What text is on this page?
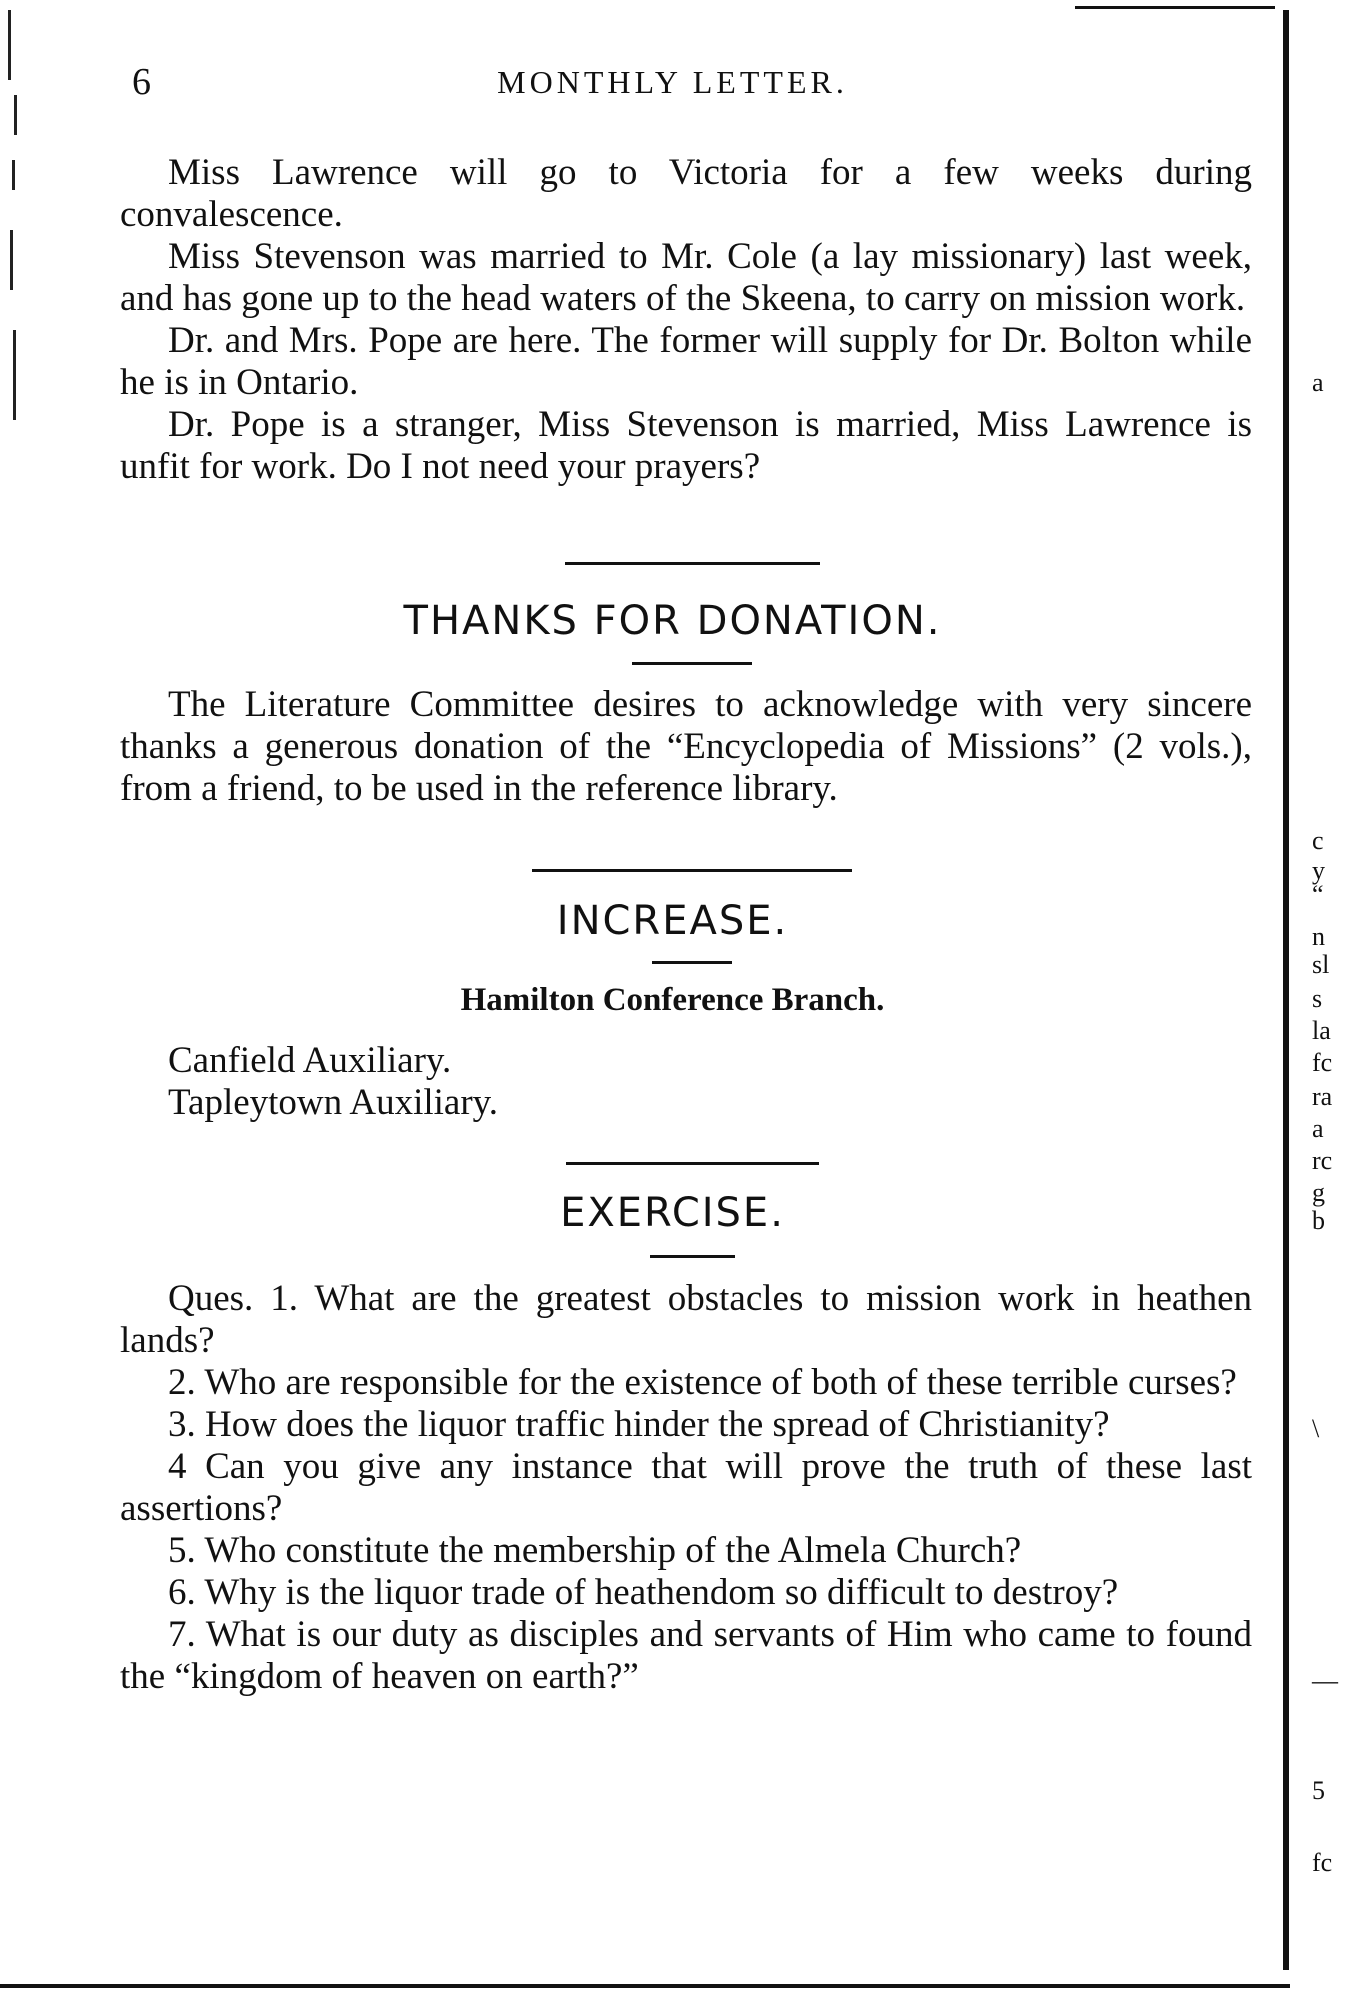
6	MONTHLY LETTER.

Miss Lawrence will go to Victoria for a few weeks during convalescence.

Miss Stevenson was married to Mr. Cole (a lay missionary) last week, and has gone up to the head waters of the Skeena, to carry on mission work.

Dr. and Mrs. Pope are here. The former will supply for Dr. Bolton while he is in Ontario.

Dr. Pope is a stranger, Miss Stevenson is married, Miss Lawrence is unfit for work. Do I not need your prayers?

THANKS FOR DONATION.

The Literature Committee desires to acknowledge with very sincere thanks a generous donation of the “Encyclopedia of Missions” (2 vols.), from a friend, to be used in the reference library.

INCREASE.
Hamilton Conference Branch.
Canfield Auxiliary.
Tapleytown Auxiliary.
EXERCISE.

Ques. 1. What are the greatest obstacles to mission work in heathen lands?

2. Who are responsible for the existence of both of these terrible curses?

3. How does the liquor traffic hinder the spread of Christianity?

4 Can you give any instance that will prove the truth of these last assertions?

5. Who constitute the membership of the Almela Church?

6. Why is the liquor trade of heathendom so difficult to destroy?

7. What is our duty as disciples and servants of Him who came to found the “kingdom of heaven on earth?”

a
c
y
“
n
sl
s
la
fc
ra
a
rc
g
b
\
—
5
fc
